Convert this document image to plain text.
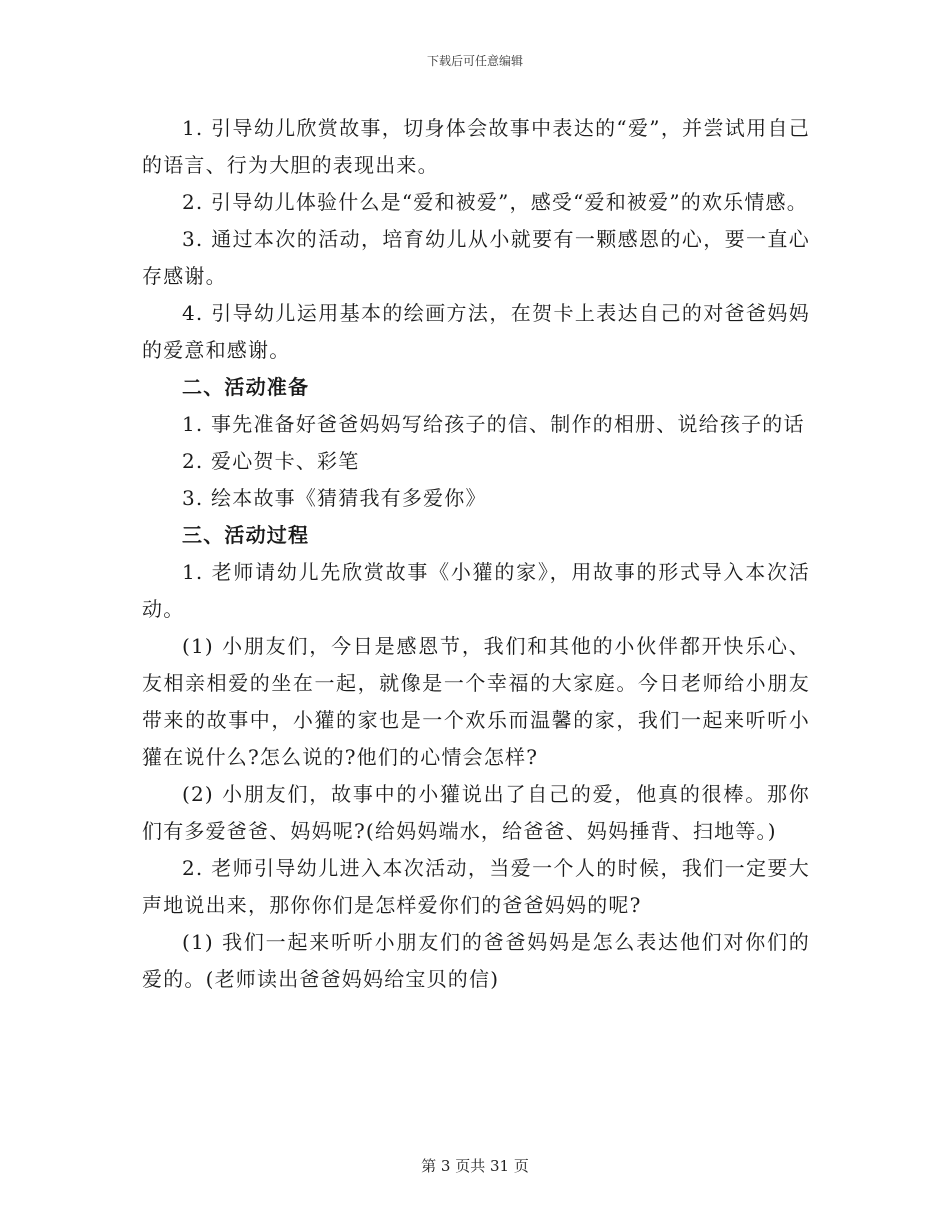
下载后可任意编辑

1. 引导幼儿欣赏故事，切身体会故事中表达的“爱”，并尝试用自己的语言、行为大胆的表现出来。

2. 引导幼儿体验什么是“爱和被爱”，感受“爱和被爱”的欢乐情感。

3. 通过本次的活动，培育幼儿从小就要有一颗感恩的心，要一直心存感谢。

4. 引导幼儿运用基本的绘画方法，在贺卡上表达自己的对爸爸妈妈的爱意和感谢。

二、活动准备

1. 事先准备好爸爸妈妈写给孩子的信、制作的相册、说给孩子的话

2. 爱心贺卡、彩笔

3. 绘本故事《猜猜我有多爱你》

三、活动过程

1. 老师请幼儿先欣赏故事《小獾的家》，用故事的形式导入本次活动。

(1) 小朋友们，今日是感恩节，我们和其他的小伙伴都开快乐心、友相亲相爱的坐在一起，就像是一个幸福的大家庭。今日老师给小朋友带来的故事中，小獾的家也是一个欢乐而温馨的家，我们一起来听听小獾在说什么?怎么说的?他们的心情会怎样?

(2) 小朋友们，故事中的小獾说出了自己的爱，他真的很棒。那你们有多爱爸爸、妈妈呢?(给妈妈端水，给爸爸、妈妈捶背、扫地等。)

2. 老师引导幼儿进入本次活动，当爱一个人的时候，我们一定要大声地说出来，那你你们是怎样爱你们的爸爸妈妈的呢?

(1) 我们一起来听听小朋友们的爸爸妈妈是怎么表达他们对你们的爱的。(老师读出爸爸妈妈给宝贝的信)

第 3 页共 31 页
